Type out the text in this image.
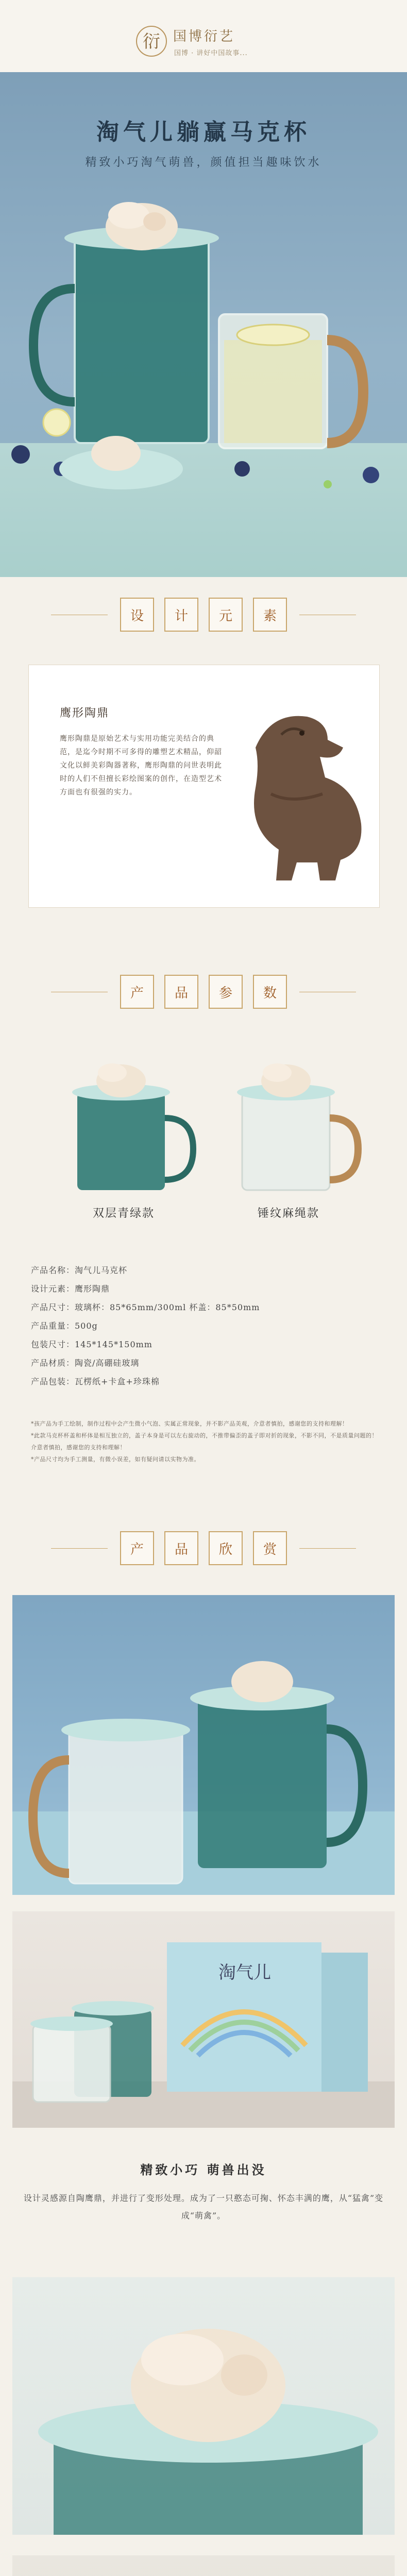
衍 国博衍艺
国博 · 讲好中国故事...
淘气儿躺赢马克杯
精致小巧淘气萌兽，颜值担当趣味饮水
设	计	元	素
鹰形陶鼎
鹰形陶鼎是原始艺术与实用功能完美结合的典范，是迄今时期不可多得的雕塑艺术精品，仰韶文化以鲜美彩陶器著称，鹰形陶鼎的问世表明此时的人们不但擅长彩绘图案的创作，在造型艺术方面也有很强的实力。
产	品	参	数
双层青绿款	锤纹麻绳款
产品名称：淘气儿马克杯
设计元素：鹰形陶鼎
产品尺寸：玻璃杯：85*65mm/300ml 杯盖：85*50mm
产品重量：500g
包装尺寸：145*145*150mm
产品材质：陶瓷/高硼硅玻璃
产品包装：瓦楞纸+卡盒+珍珠棉
*孩产品为手工绘制，制作过程中会产生微小气泡、实属正常现象，并不影产品美观，介意者慎拍，感谢您的支持和理解！
*此款马克杯杯盖和杯体是相互独立的，盖子本身是可以左右旋动的，不推带偏歪的盖子即对折的现象，不影不同，不是质量问题的！
介意者慎拍，感谢您的支持和理解！
*产品尺寸均为手工测量，有微小误差，如有疑问请以实物为准。
产	品	欣	赏
淘气儿
精致小巧 萌兽出没
设计灵感源自陶鹰鼎，并进行了变形处理。成为了一只憨态可掬、怀态丰满的鹰，从“猛禽”变成“萌禽”。
